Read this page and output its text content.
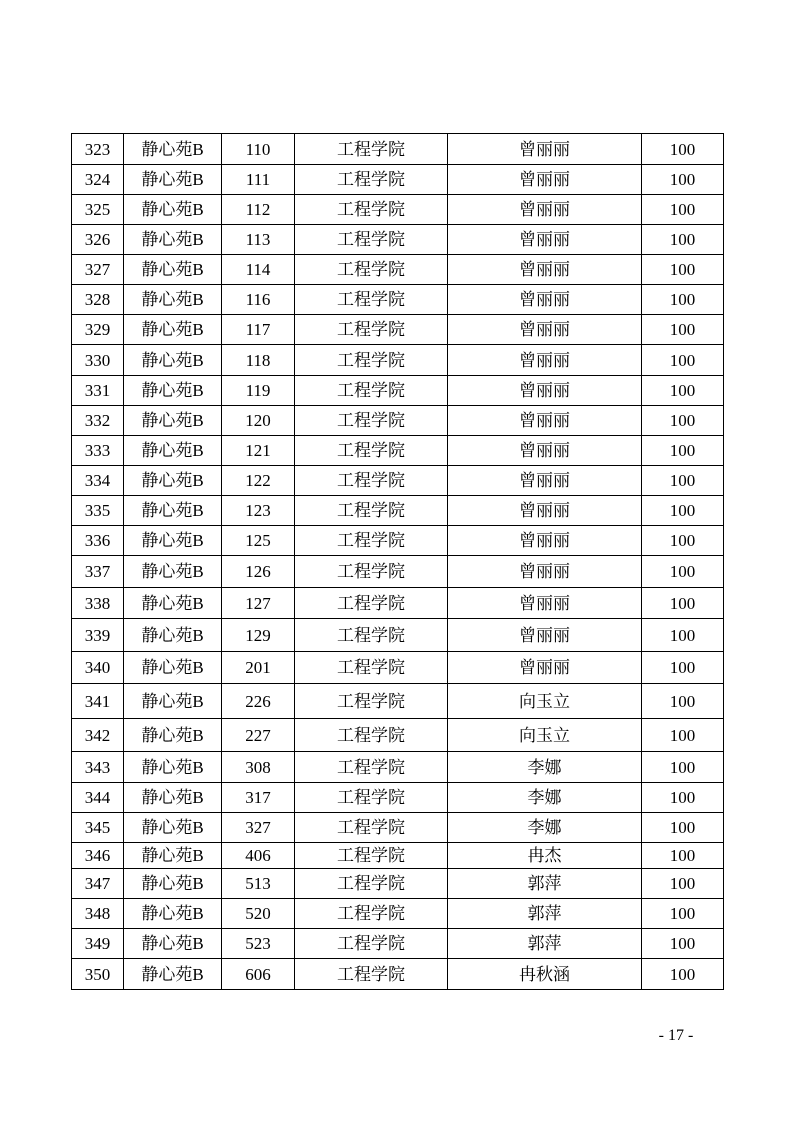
323	静心苑B	110	工程学院	曾丽丽	100
324	静心苑B	111	工程学院	曾丽丽	100
325	静心苑B	112	工程学院	曾丽丽	100
326	静心苑B	113	工程学院	曾丽丽	100
327	静心苑B	114	工程学院	曾丽丽	100
328	静心苑B	116	工程学院	曾丽丽	100
329	静心苑B	117	工程学院	曾丽丽	100
330	静心苑B	118	工程学院	曾丽丽	100
331	静心苑B	119	工程学院	曾丽丽	100
332	静心苑B	120	工程学院	曾丽丽	100
333	静心苑B	121	工程学院	曾丽丽	100
334	静心苑B	122	工程学院	曾丽丽	100
335	静心苑B	123	工程学院	曾丽丽	100
336	静心苑B	125	工程学院	曾丽丽	100
337	静心苑B	126	工程学院	曾丽丽	100
338	静心苑B	127	工程学院	曾丽丽	100
339	静心苑B	129	工程学院	曾丽丽	100
340	静心苑B	201	工程学院	曾丽丽	100
341	静心苑B	226	工程学院	向玉立	100
342	静心苑B	227	工程学院	向玉立	100
343	静心苑B	308	工程学院	李娜	100
344	静心苑B	317	工程学院	李娜	100
345	静心苑B	327	工程学院	李娜	100
346	静心苑B	406	工程学院	冉杰	100
347	静心苑B	513	工程学院	郭萍	100
348	静心苑B	520	工程学院	郭萍	100
349	静心苑B	523	工程学院	郭萍	100
350	静心苑B	606	工程学院	冉秋涵	100
- 17 -
